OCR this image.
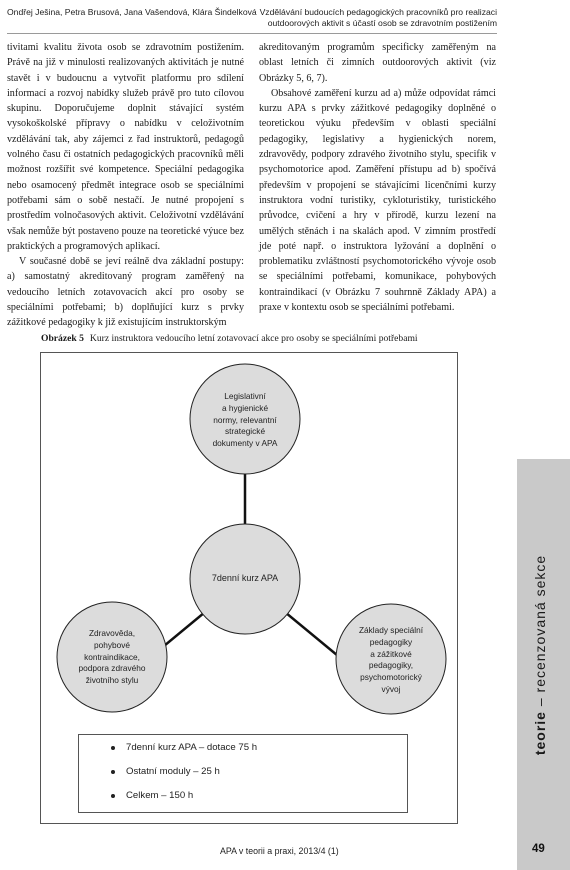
Ondřej Ješina, Petra Brusová, Jana Vašendová, Klára Šindelková Vzdělávání budoucích pedagogických pracovníků pro realizaci
outdoorových aktivit s účastí osob se zdravotním postižením

tivitami kvalitu života osob se zdravotním postižením. Právě na již v minulosti realizovaných aktivitách je nutné stavět i v budoucnu a vytvořit platformu pro sdílení informací a rozvoj nabídky služeb právě pro tuto cílovou skupinu. Doporučujeme doplnit stávající systém vysokoškolské přípravy o nabídku v celoživotním vzdělávání tak, aby zájemci z řad instruktorů, pedagogů volného času či ostatních pedagogických pracovníků měli možnost rozšířit své kompetence. Speciální pedagogika nebo osamocený předmět integrace osob se speciálními potřebami sám o sobě nestačí. Je nutné propojení s prostředím volnočasových aktivit. Celoživotní vzdělávání však nemůže být postaveno pouze na teoretické výuce bez praktických a programových aplikací.

V současné době se jeví reálně dva základní postupy: a) samostatný akreditovaný program zaměřený na vedoucího letních zotavovacích akcí pro osoby se speciálními potřebami; b) doplňující kurz s prvky zážitkové pedagogiky k již existujícím instruktorským

akreditovaným programům specificky zaměřeným na oblast letních či zimních outdoorových aktivit (viz Obrázky 5, 6, 7).

Obsahové zaměření kurzu ad a) může odpovídat rámci kurzu APA s prvky zážitkové pedagogiky doplněné o teoretickou výuku především v oblasti speciální pedagogiky, legislativy a hygienických norem, zdravovědy, podpory zdravého životního stylu, specifik v psychomotorice apod. Zaměření přístupu ad b) spočívá především v propojení se stávajícími licenčními kurzy instruktora vodní turistiky, cykloturistiky, turistického průvodce, cvičení a hry v přírodě, kurzu lezení na umělých stěnách i na skalách apod. V zimním prostředí jde poté např. o instruktora lyžování a doplnění o problematiku zvláštností psychomotorického vývoje osob se speciálními potřebami, komunikace, pohybových kontraindikací (v Obrázku 7 souhrnně Základy APA) a praxe v kontextu osob se speciálními potřebami.

Obrázek 5 Kurz instruktora vedoucího letní zotavovací akce pro osoby se speciálními potřebami
Legislativní
a hygienické
normy, relevantní
strategické
dokumenty v APA
7denní kurz APA
Zdravověda,
pohybové
kontraindikace,
podpora zdravého
životního stylu
Základy speciální
pedagogiky
a zážitkové
pedagogiky,
psychomotorický
vývoj
7denní kurz APA – dotace 75 h
Ostatní moduly – 25 h
Celkem – 150 h
teorie – recenzovaná sekce
APA v teorii a praxi, 2013/4 (1)	49
